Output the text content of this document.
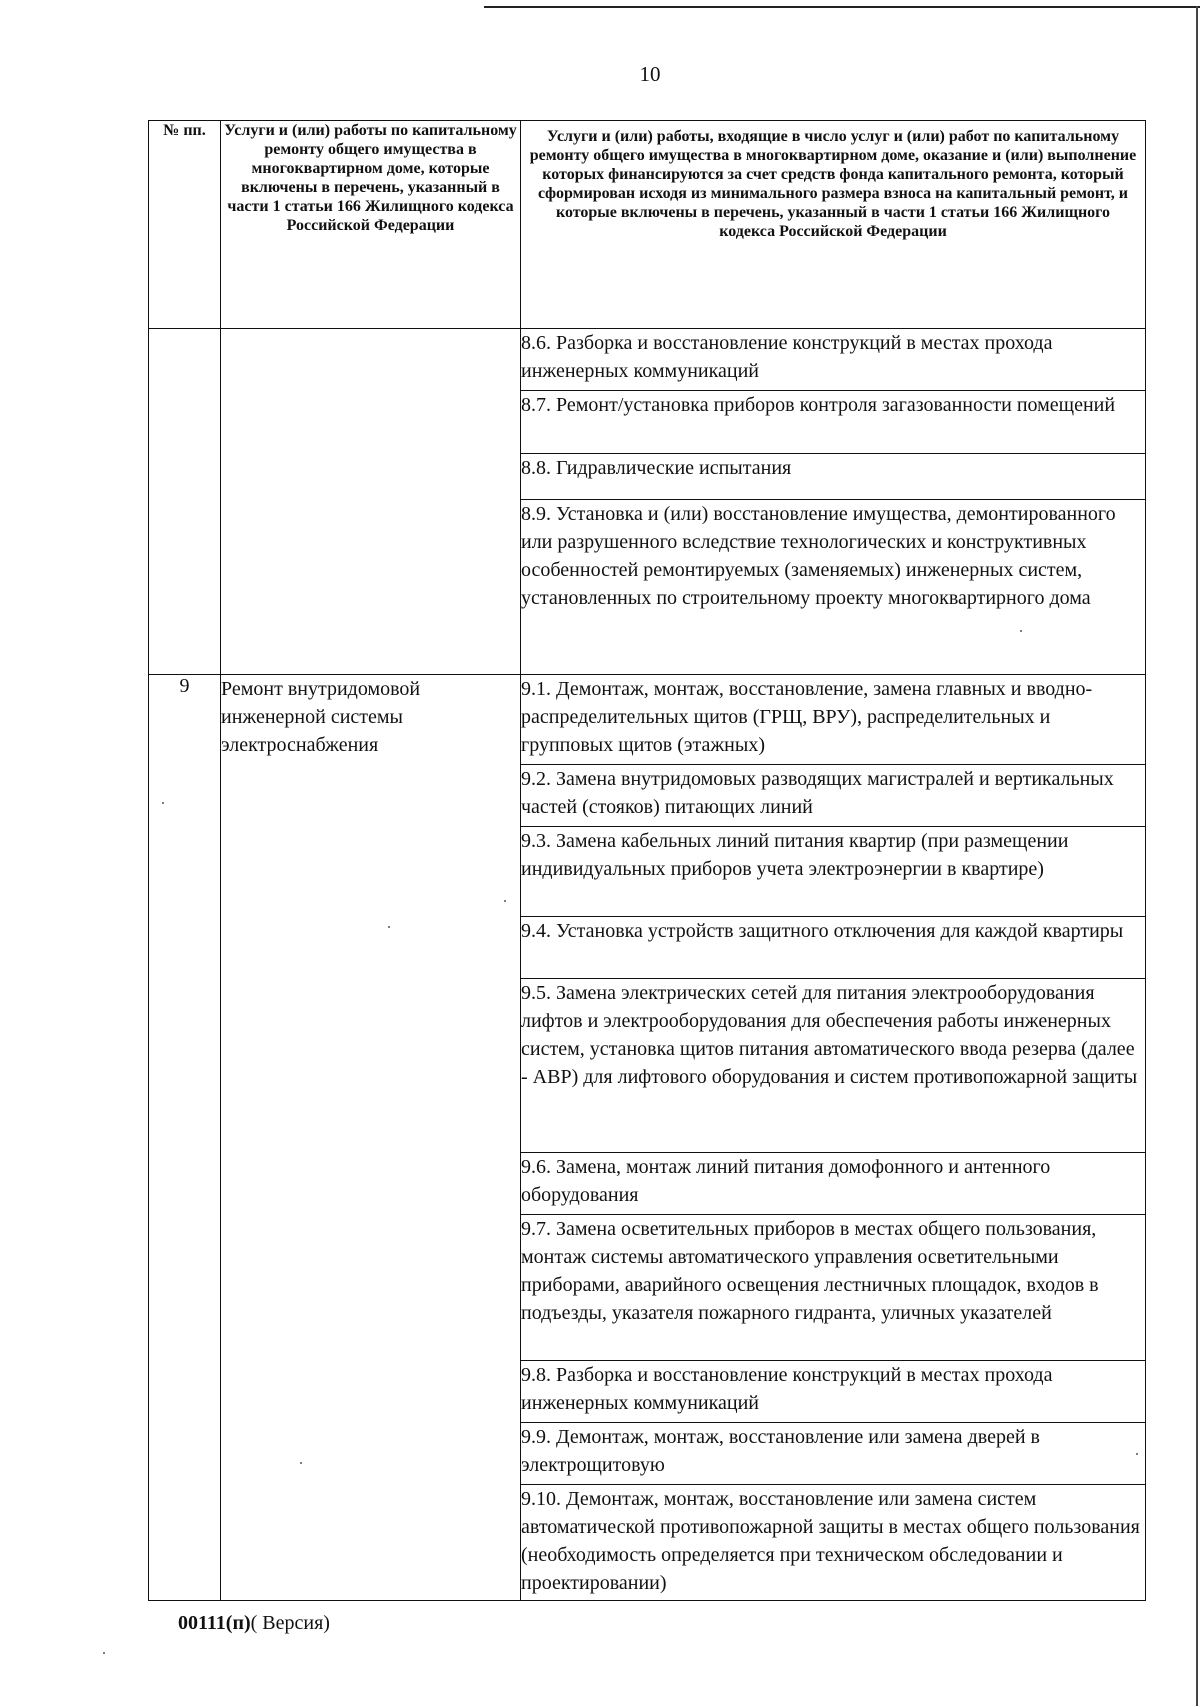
10
№ пп.	Услуги и (или) работы по капитальному ремонту общего имущества в многоквартирном доме, которые включены в перечень, указанный в части 1 статьи 166 Жилищного кодекса Российской Федерации	Услуги и (или) работы, входящие в число услуг и (или) работ по капитальному ремонту общего имущества в многоквартирном доме, оказание и (или) выполнение которых финансируются за счет средств фонда капитального ремонта, который сформирован исходя из минимального размера взноса на капитальный ремонт, и которые включены в перечень, указанный в части 1 статьи 166 Жилищного кодекса Российской Федерации
		8.6. Разборка и восстановление конструкций в местах прохода инженерных коммуникаций
		8.7. Ремонт/установка приборов контроля загазованности помещений
		8.8. Гидравлические испытания
		8.9. Установка и (или) восстановление имущества, демонтированного или разрушенного вследствие технологических и конструктивных особенностей ремонтируемых (заменяемых) инженерных систем, установленных по строительному проекту многоквартирного дома
9	Ремонт внутридомовой инженерной системы электроснабжения	9.1. Демонтаж, монтаж, восстановление, замена главных и вводно-распределительных щитов (ГРЩ, ВРУ), распределительных и групповых щитов (этажных)
		9.2. Замена внутридомовых разводящих магистралей и вертикальных частей (стояков) питающих линий
		9.3. Замена кабельных линий питания квартир (при размещении индивидуальных приборов учета электроэнергии в квартире)
		9.4. Установка устройств защитного отключения для каждой квартиры
		9.5. Замена электрических сетей для питания электрооборудования лифтов и электрооборудования для обеспечения работы инженерных систем, установка щитов питания автоматического ввода резерва (далее - АВР) для лифтового оборудования и систем противопожарной защиты
		9.6. Замена, монтаж линий питания домофонного и антенного оборудования
		9.7. Замена осветительных приборов в местах общего пользования, монтаж системы автоматического управления осветительными приборами, аварийного освещения лестничных площадок, входов в подъезды, указателя пожарного гидранта, уличных указателей
		9.8. Разборка и восстановление конструкций в местах прохода инженерных коммуникаций
		9.9. Демонтаж, монтаж, восстановление или замена дверей в электрощитовую
		9.10. Демонтаж, монтаж, восстановление или замена систем автоматической противопожарной защиты в местах общего пользования (необходимость определяется при техническом обследовании и проектировании)
00111(п)( Версия)
